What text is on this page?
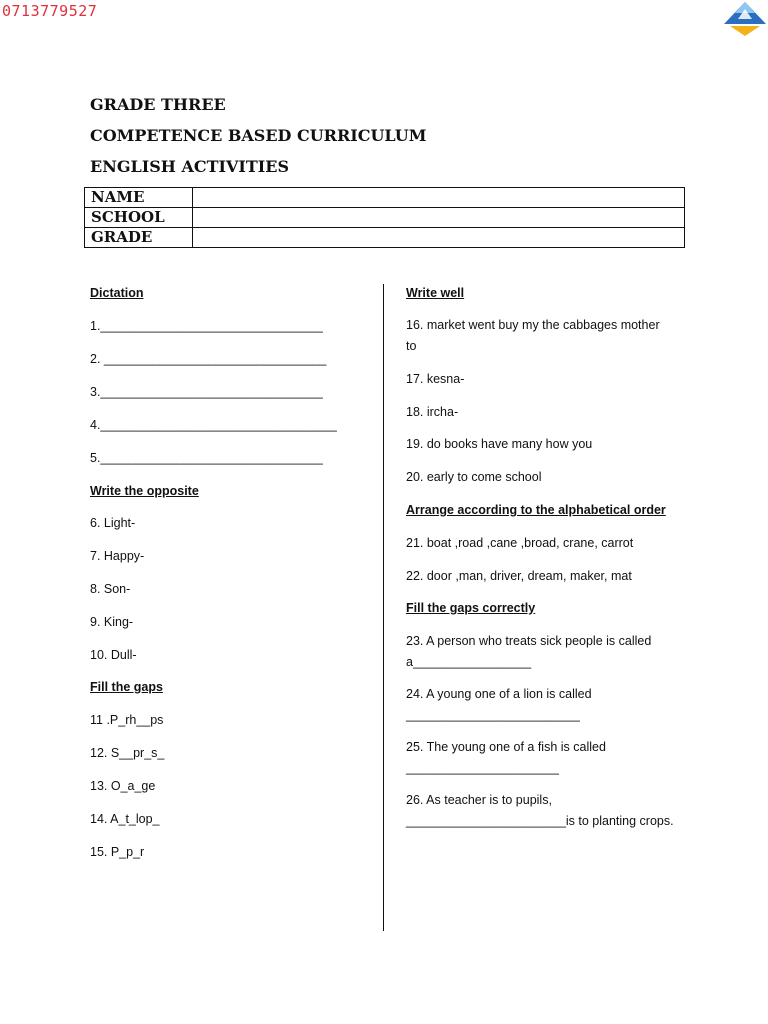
0713779527
GRADE THREE
COMPETENCE BASED CURRICULUM
ENGLISH ACTIVITIES
NAME	
SCHOOL	
GRADE	
Dictation
1.________________________________
2. ________________________________
3.________________________________
4.__________________________________
5.________________________________
Write the opposite
6. Light-
7. Happy-
8. Son-
9. King-
10. Dull-
Fill the gaps
11 .P_rh__ps
12. S__pr_s_
13. O_a_ge
14. A_t_lop_
15. P_p_r
Write well
16. market went buy my the cabbages mother
to
17. kesna-
18. ircha-
19. do books have many how you
20. early to come school
Arrange according to the alphabetical order
21. boat ,road ,cane ,broad, crane, carrot
22. door ,man, driver, dream, maker, mat
Fill the gaps correctly
23. A person who treats sick people is called
a_________________
24. A young one of a lion is called
_________________________
25. The young one of a fish is called
______________________
26. As teacher is to pupils,
_______________________is to planting crops.
